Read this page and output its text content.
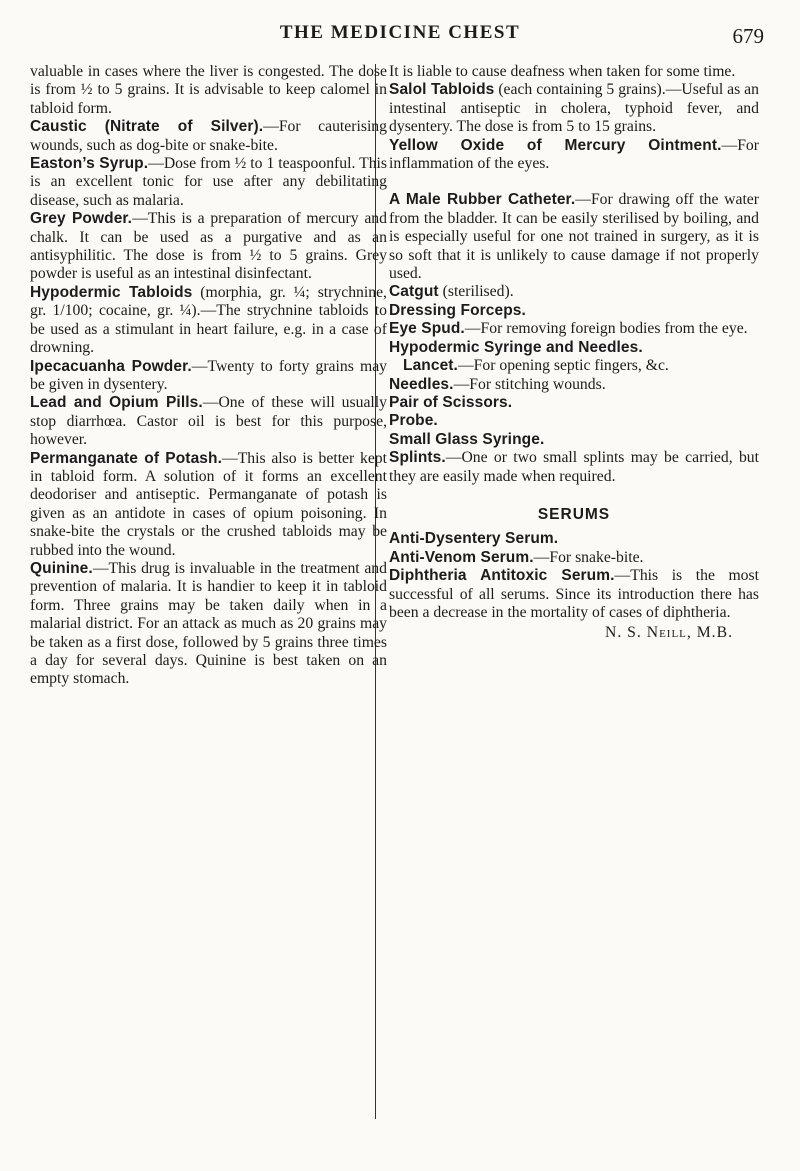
THE MEDICINE CHEST	679

valuable in cases where the liver is congested. The dose is from ½ to 5 grains. It is advisable to keep calomel in tabloid form.

Caustic (Nitrate of Silver).—For cauterising wounds, such as dog-bite or snake-bite.

Easton’s Syrup.—Dose from ½ to 1 teaspoonful. This is an excellent tonic for use after any debilitating disease, such as malaria.

Grey Powder.—This is a preparation of mercury and chalk. It can be used as a purgative and as an antisyphilitic. The dose is from ½ to 5 grains. Grey powder is useful as an intestinal disinfectant.

Hypodermic Tabloids (morphia, gr. ¼; strychnine, gr. 1/100; cocaine, gr. ¼).—The strychnine tabloids to be used as a stimulant in heart failure, e.g. in a case of drowning.

Ipecacuanha Powder.—Twenty to forty grains may be given in dysentery.

Lead and Opium Pills.—One of these will usually stop diarrhœa. Castor oil is best for this purpose, however.

Permanganate of Potash.—This also is better kept in tabloid form. A solution of it forms an excellent deodoriser and antiseptic. Permanganate of potash is given as an antidote in cases of opium poisoning. In snake-bite the crystals or the crushed tabloids may be rubbed into the wound.

Quinine.—This drug is invaluable in the treatment and prevention of malaria. It is handier to keep it in tabloid form. Three grains may be taken daily when in a malarial district. For an attack as much as 20 grains may be taken as a first dose, followed by 5 grains three times a day for several days. Quinine is best taken on an empty stomach.

It is liable to cause deafness when taken for some time.

Salol Tabloids (each containing 5 grains).—Useful as an intestinal antiseptic in cholera, typhoid fever, and dysentery. The dose is from 5 to 15 grains.

Yellow Oxide of Mercury Ointment.—For inflammation of the eyes.

A Male Rubber Catheter.—For drawing off the water from the bladder. It can be easily sterilised by boiling, and is especially useful for one not trained in surgery, as it is so soft that it is unlikely to cause damage if not properly used.

Catgut (sterilised).

Dressing Forceps.

Eye Spud.—For removing foreign bodies from the eye.

Hypodermic Syringe and Needles.

Lancet.—For opening septic fingers, &c.

Needles.—For stitching wounds.

Pair of Scissors.

Probe.

Small Glass Syringe.

Splints.—One or two small splints may be carried, but they are easily made when required.

SERUMS

Anti-Dysentery Serum.

Anti-Venom Serum.—For snake-bite.

Diphtheria Antitoxic Serum.—This is the most successful of all serums. Since its introduction there has been a decrease in the mortality of cases of diphtheria.

N. S. Neill, M.B.
